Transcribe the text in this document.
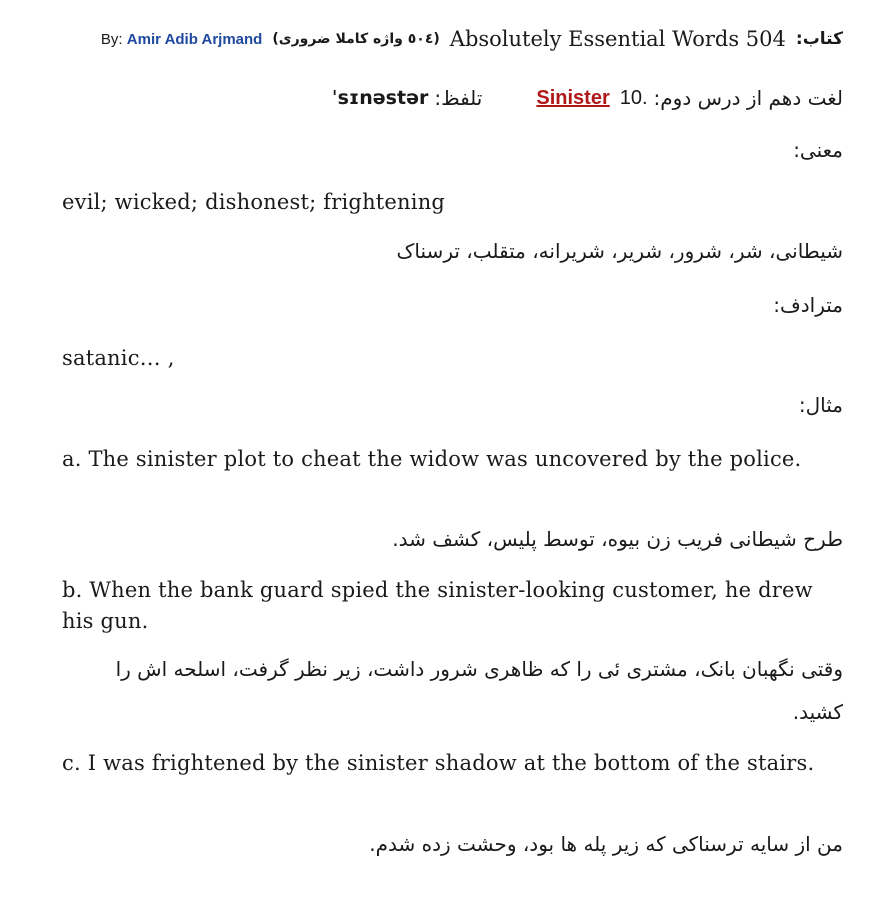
کتاب:
Absolutely Essential Words 504
(٥٠٤ واژه کاملا ضروری)
By: Amir Adib Arjmand
لغت دهم از درس دوم:
10.
Sinister
تلفظ:
ˈsɪnəstər
معنی:
evil; wicked; dishonest; frightening
شیطانی، شر، شرور، شریر، شریرانه، متقلب، ترسناک
مترادف:
satanic… ,
مثال:
a. The sinister plot to cheat the widow was uncovered by the police.
طرح شیطانی فریب زن بیوه، توسط پلیس، کشف شد.
b. When the bank guard spied the sinister-looking customer, he drew his gun.
وقتی نگهبان بانک، مشتری ئی را که ظاهری شرور داشت، زیر نظر گرفت، اسلحه اش را کشید.
c. I was frightened by the sinister shadow at the bottom of the stairs.
من از سایه ترسناکی که زیر پله ها بود، وحشت زده شدم.
